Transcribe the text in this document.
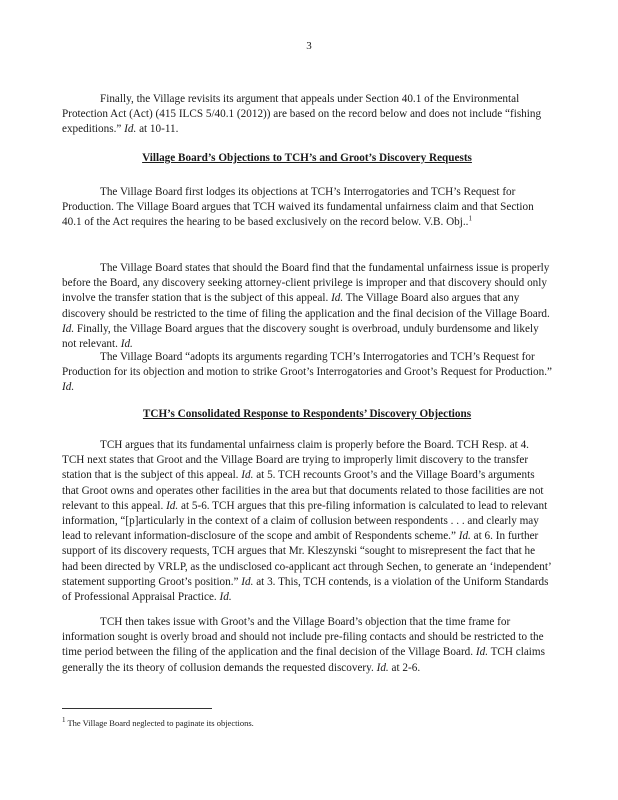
3

Finally, the Village revisits its argument that appeals under Section 40.1 of the Environmental Protection Act (Act) (415 ILCS 5/40.1 (2012)) are based on the record below and does not include “fishing expeditions.” Id. at 10-11.

Village Board’s Objections to TCH’s and Groot’s Discovery Requests

The Village Board first lodges its objections at TCH’s Interrogatories and TCH’s Request for Production. The Village Board argues that TCH waived its fundamental unfairness claim and that Section 40.1 of the Act requires the hearing to be based exclusively on the record below. V.B. Obj..$^1$

The Village Board states that should the Board find that the fundamental unfairness issue is properly before the Board, any discovery seeking attorney-client privilege is improper and that discovery should only involve the transfer station that is the subject of this appeal. Id. The Village Board also argues that any discovery should be restricted to the time of filing the application and the final decision of the Village Board. Id. Finally, the Village Board argues that the discovery sought is overbroad, unduly burdensome and likely not relevant. Id.

The Village Board “adopts its arguments regarding TCH’s Interrogatories and TCH’s Request for Production for its objection and motion to strike Groot’s Interrogatories and Groot’s Request for Production.” Id.

TCH’s Consolidated Response to Respondents’ Discovery Objections

TCH argues that its fundamental unfairness claim is properly before the Board. TCH Resp. at 4. TCH next states that Groot and the Village Board are trying to improperly limit discovery to the transfer station that is the subject of this appeal. Id. at 5. TCH recounts Groot’s and the Village Board’s arguments that Groot owns and operates other facilities in the area but that documents related to those facilities are not relevant to this appeal. Id. at 5-6. TCH argues that this pre-filing information is calculated to lead to relevant information, “[p]articularly in the context of a claim of collusion between respondents . . . and clearly may lead to relevant information-disclosure of the scope and ambit of Respondents scheme.” Id. at 6. In further support of its discovery requests, TCH argues that Mr. Kleszynski “sought to misrepresent the fact that he had been directed by VRLP, as the undisclosed co-applicant act through Sechen, to generate an ‘independent’ statement supporting Groot’s position.” Id. at 3. This, TCH contends, is a violation of the Uniform Standards of Professional Appraisal Practice. Id.

TCH then takes issue with Groot’s and the Village Board’s objection that the time frame for information sought is overly broad and should not include pre-filing contacts and should be restricted to the time period between the filing of the application and the final decision of the Village Board. Id. TCH claims generally the its theory of collusion demands the requested discovery. Id. at 2-6.

$^1$ The Village Board neglected to paginate its objections.
